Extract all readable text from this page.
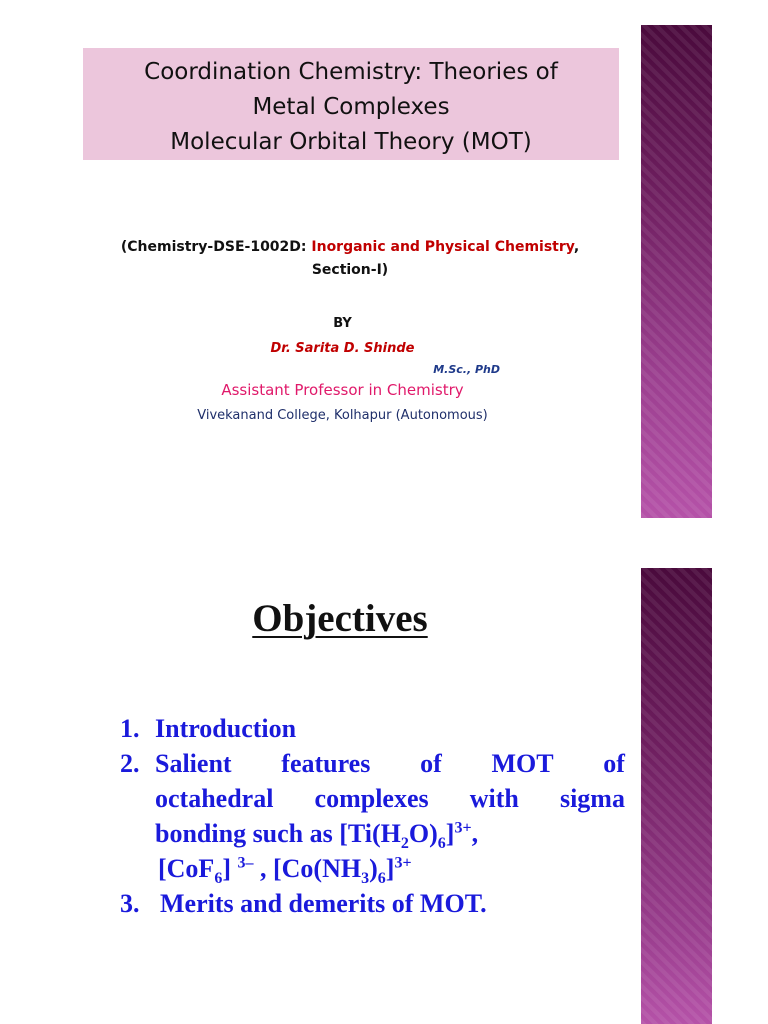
Coordination Chemistry: Theories of
Metal Complexes
Molecular Orbital Theory (MOT)
(Chemistry-DSE-1002D: Inorganic and Physical Chemistry,
Section-I)
BY
Dr. Sarita D. Shinde
M.Sc., PhD
Assistant Professor in Chemistry
Vivekanand College, Kolhapur (Autonomous)
Objectives
1. Introduction
2. Salient features of MOT of
octahedral complexes with sigma
bonding such as $[Ti(H_2O)_6]^{3+}$,
[CoF$_6$] $^{3-}$ , $[Co(NH_3)_6]^{3+}$
3. Merits and demerits of MOT.
